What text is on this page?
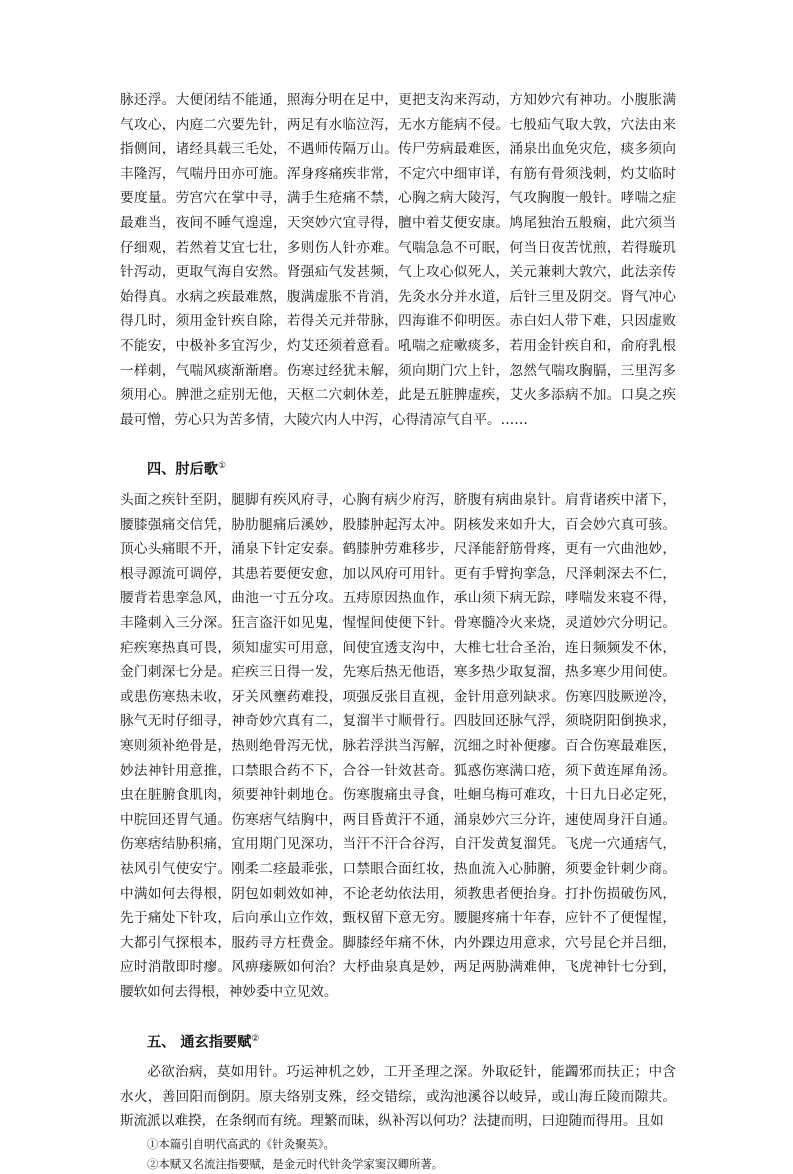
脉还浮。大便闭结不能通，照海分明在足中，更把支沟来泻动，方知妙穴有神功。小腹胀满气攻心，内庭二穴要先针，两足有水临泣泻，无水方能病不侵。七般疝气取大敦，穴法由来指侧间，诸经具载三毛处，不遇师传隔万山。传尸劳病最难医，涌泉出血免灾危，痰多须向丰隆泻，气喘丹田亦可施。浑身疼痛疾非常，不定穴中细审详，有筋有骨须浅刺，灼艾临时要度量。劳宫穴在掌中寻，满手生疮痛不禁，心胸之病大陵泻，气攻胸腹一般针。哮喘之症最难当，夜间不睡气遑遑，天突妙穴宜寻得，膻中着艾便安康。鸠尾独治五般痫，此穴须当仔细观，若然着艾宜七壮，多则伤人针亦难。气喘急急不可眠，何当日夜苦忧煎，若得璇玑针泻动，更取气海自安然。肾强疝气发甚频，气上攻心似死人，关元兼刺大敦穴，此法亲传始得真。水病之疾最难熬，腹满虚胀不肯消，先灸水分并水道，后针三里及阴交。肾气冲心得几时，须用金针疾自除，若得关元并带脉，四海谁不仰明医。赤白妇人带下难，只因虚败不能安，中极补多宜泻少，灼艾还须着意看。吼喘之症嗽痰多，若用金针疾自和，俞府乳根一样刺，气喘风痰渐渐磨。伤寒过经犹未解，须向期门穴上针，忽然气喘攻胸膈，三里泻多须用心。脾泄之症别无他，天枢二穴刺休差，此是五脏脾虚疾，艾火多添病不加。口臭之疾最可憎，劳心只为苦多情，大陵穴内人中泻，心得清凉气自平。……

四、肘后歌①

头面之疾针至阴，腿脚有疾风府寻，心胸有病少府泻，脐腹有病曲泉针。肩背诸疾中渚下，腰膝强痛交信凭，胁肋腿痛后溪妙，股膝肿起泻太冲。阴核发来如升大，百会妙穴真可骇。顶心头痛眼不开，涌泉下针定安泰。鹤膝肿劳难移步，尺泽能舒筋骨疼，更有一穴曲池妙，根寻源流可调停，其患若要便安愈，加以风府可用针。更有手臂拘挛急，尺泽刺深去不仁，腰背若患挛急风，曲池一寸五分攻。五痔原因热血作，承山须下病无踪，哮喘发来寝不得，丰隆刺入三分深。狂言盗汗如见鬼，惺惺间使便下针。骨寒髓冷火来烧，灵道妙穴分明记。疟疾寒热真可畏，须知虚实可用意，间使宜透支沟中，大椎七壮合圣治，连日频频发不休，金门刺深七分是。疟疾三日得一发，先寒后热无他语，寒多热少取复溜，热多寒少用间使。或患伤寒热未收，牙关风壅药难投，项强反张目直视，金针用意列缺求。伤寒四肢厥逆冷，脉气无时仔细寻，神奇妙穴真有二，复溜半寸顺骨行。四肢回还脉气浮，须晓阴阳倒换求，寒则须补绝骨是，热则绝骨泻无忧，脉若浮洪当泻解，沉细之时补便瘳。百合伤寒最难医，妙法神针用意推，口禁眼合药不下，合谷一针效甚奇。狐惑伤寒满口疮，须下黄连犀角汤。虫在脏腑食肌肉，须要神针刺地仓。伤寒腹痛虫寻食，吐蛔乌梅可难攻，十日九日必定死，中脘回还胃气通。伤寒痞气结胸中，两目昏黄汗不通，涌泉妙穴三分许，速使周身汗自通。伤寒痞结胁积痛，宜用期门见深功，当汗不汗合谷泻，自汗发黄复溜凭。飞虎一穴通痞气，祛风引气使安宁。刚柔二痉最乖张，口禁眼合面红妆，热血流入心肺腑，须要金针刺少商。中满如何去得根，阴包如刺效如神，不论老幼依法用，须教患者便抬身。打扑伤损破伤风，先于痛处下针攻，后向承山立作效，甄权留下意无穷。腰腿疼痛十年春，应针不了便惺惺，大都引气探根本，服药寻方枉费金。脚膝经年痛不休，内外踝边用意求，穴号昆仑并吕细，应时消散即时瘳。风痹痿厥如何治？大杼曲泉真是妙，两足两胁满难伸，飞虎神针七分到，腰软如何去得根，神妙委中立见效。

五、 通玄指要赋②

必欲治病，莫如用针。巧运神机之妙，工开圣理之深。外取砭针，能蠲邪而扶正；中含水火，善回阳而倒阴。原夫络别支殊，经交错综，或沟池溪谷以岐异，或山海丘陵而隙共。斯流派以难揆，在条纲而有统。理繁而昧，纵补泻以何功？法捷而明，曰迎随而得用。且如

①本篇引自明代高武的《针灸聚英》。
②本赋又名流注指要赋，是金元时代针灸学家窦汉卿所著。
